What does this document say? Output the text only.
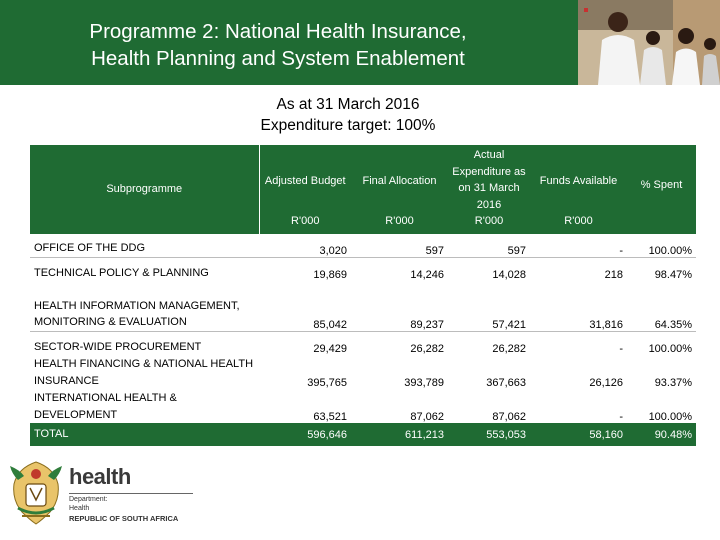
Programme 2: National Health Insurance,
Health Planning and System Enablement
As at 31 March 2016
Expenditure target: 100%
Subprogramme	Adjusted Budget	Final Allocation	Actual Expenditure as on 31 March 2016	Funds Available	% Spent
	R'000	R'000	R'000	R'000	
OFFICE OF THE DDG	3,020	597	597	-	100.00%
TECHNICAL POLICY & PLANNING	19,869	14,246	14,028	218	98.47%
HEALTH INFORMATION MANAGEMENT, MONITORING & EVALUATION	85,042	89,237	57,421	31,816	64.35%
SECTOR-WIDE PROCUREMENT	29,429	26,282	26,282	-	100.00%
HEALTH FINANCING & NATIONAL HEALTH INSURANCE	395,765	393,789	367,663	26,126	93.37%
INTERNATIONAL HEALTH & DEVELOPMENT	63,521	87,062	87,062	-	100.00%
TOTAL	596,646	611,213	553,053	58,160	90.48%
health
Department:
Health
REPUBLIC OF SOUTH AFRICA
